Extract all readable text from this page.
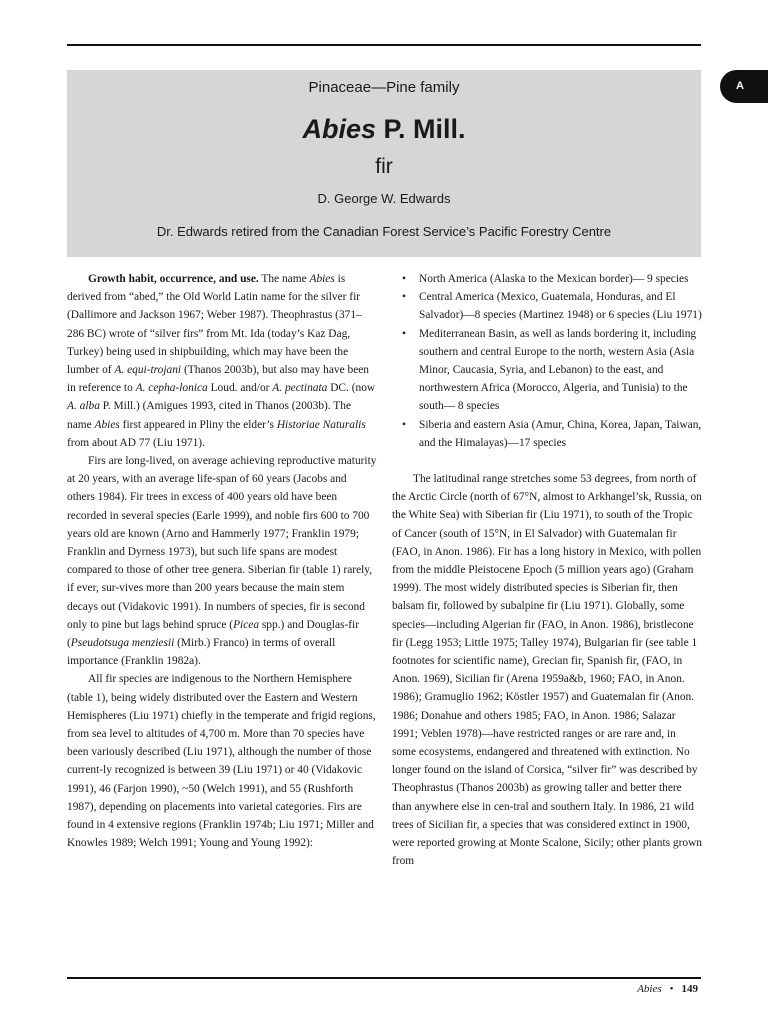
Pinaceae—Pine family
Abies P. Mill.
fir
D. George W. Edwards
Dr. Edwards retired from the Canadian Forest Service’s Pacific Forestry Centre
A

Growth habit, occurrence, and use. The name Abies is derived from “abed,” the Old World Latin name for the silver fir (Dallimore and Jackson 1967; Weber 1987). Theophrastus (371–286 BC) wrote of “silver firs” from Mt. Ida (today’s Kaz Dag, Turkey) being used in shipbuilding, which may have been the lumber of A. equi-trojani (Thanos 2003b), but also may have been in reference to A. cepha-lonica Loud. and/or A. pectinata DC. (now A. alba P. Mill.) (Amigues 1993, cited in Thanos (2003b). The name Abies first appeared in Pliny the elder’s Historiae Naturalis from about AD 77 (Liu 1971).

Firs are long-lived, on average achieving reproductive maturity at 20 years, with an average life-span of 60 years (Jacobs and others 1984). Fir trees in excess of 400 years old have been recorded in several species (Earle 1999), and noble firs 600 to 700 years old are known (Arno and Hammerly 1977; Franklin 1979; Franklin and Dyrness 1973), but such life spans are modest compared to those of other tree genera. Siberian fir (table 1) rarely, if ever, sur-vives more than 200 years because the main stem decays out (Vidakovic 1991). In numbers of species, fir is second only to pine but lags behind spruce (Picea spp.) and Douglas-fir (Pseudotsuga menziesii (Mirb.) Franco) in terms of overall importance (Franklin 1982a).

All fir species are indigenous to the Northern Hemisphere (table 1), being widely distributed over the Eastern and Western Hemispheres (Liu 1971) chiefly in the temperate and frigid regions, from sea level to altitudes of 4,700 m. More than 70 species have been variously described (Liu 1971), although the number of those current-ly recognized is between 39 (Liu 1971) or 40 (Vidakovic 1991), 46 (Farjon 1990), ~50 (Welch 1991), and 55 (Rushforth 1987), depending on placements into varietal categories. Firs are found in 4 extensive regions (Franklin 1974b; Liu 1971; Miller and Knowles 1989; Welch 1991; Young and Young 1992):

• North America (Alaska to the Mexican border)— 9 species
• Central America (Mexico, Guatemala, Honduras, and El Salvador)—8 species (Martinez 1948) or 6 species (Liu 1971)
• Mediterranean Basin, as well as lands bordering it, including southern and central Europe to the north, western Asia (Asia Minor, Caucasia, Syria, and Lebanon) to the east, and northwestern Africa (Morocco, Algeria, and Tunisia) to the south— 8 species
• Siberia and eastern Asia (Amur, China, Korea, Japan, Taiwan, and the Himalayas)—17 species

The latitudinal range stretches some 53 degrees, from north of the Arctic Circle (north of 67°N, almost to Arkhangel’sk, Russia, on the White Sea) with Siberian fir (Liu 1971), to south of the Tropic of Cancer (south of 15°N, in El Salvador) with Guatemalan fir (FAO, in Anon. 1986). Fir has a long history in Mexico, with pollen from the middle Pleistocene Epoch (5 million years ago) (Graham 1999). The most widely distributed species is Siberian fir, then balsam fir, followed by subalpine fir (Liu 1971). Globally, some species—including Algerian fir (FAO, in Anon. 1986), bristlecone fir (Legg 1953; Little 1975; Talley 1974), Bulgarian fir (see table 1 footnotes for scientific name), Grecian fir, Spanish fir, (FAO, in Anon. 1969), Sicilian fir (Arena 1959a&b, 1960; FAO, in Anon. 1986); Gramuglio 1962; Köstler 1957) and Guatemalan fir (Anon. 1986; Donahue and others 1985; FAO, in Anon. 1986; Salazar 1991; Veblen 1978)—have restricted ranges or are rare and, in some ecosystems, endangered and threatened with extinction. No longer found on the island of Corsica, “silver fir” was described by Theophrastus (Thanos 2003b) as growing taller and better there than anywhere else in cen-tral and southern Italy. In 1986, 21 wild trees of Sicilian fir, a species that was considered extinct in 1900, were reported growing at Monte Scalone, Sicily; other plants grown from

Abies • 149
